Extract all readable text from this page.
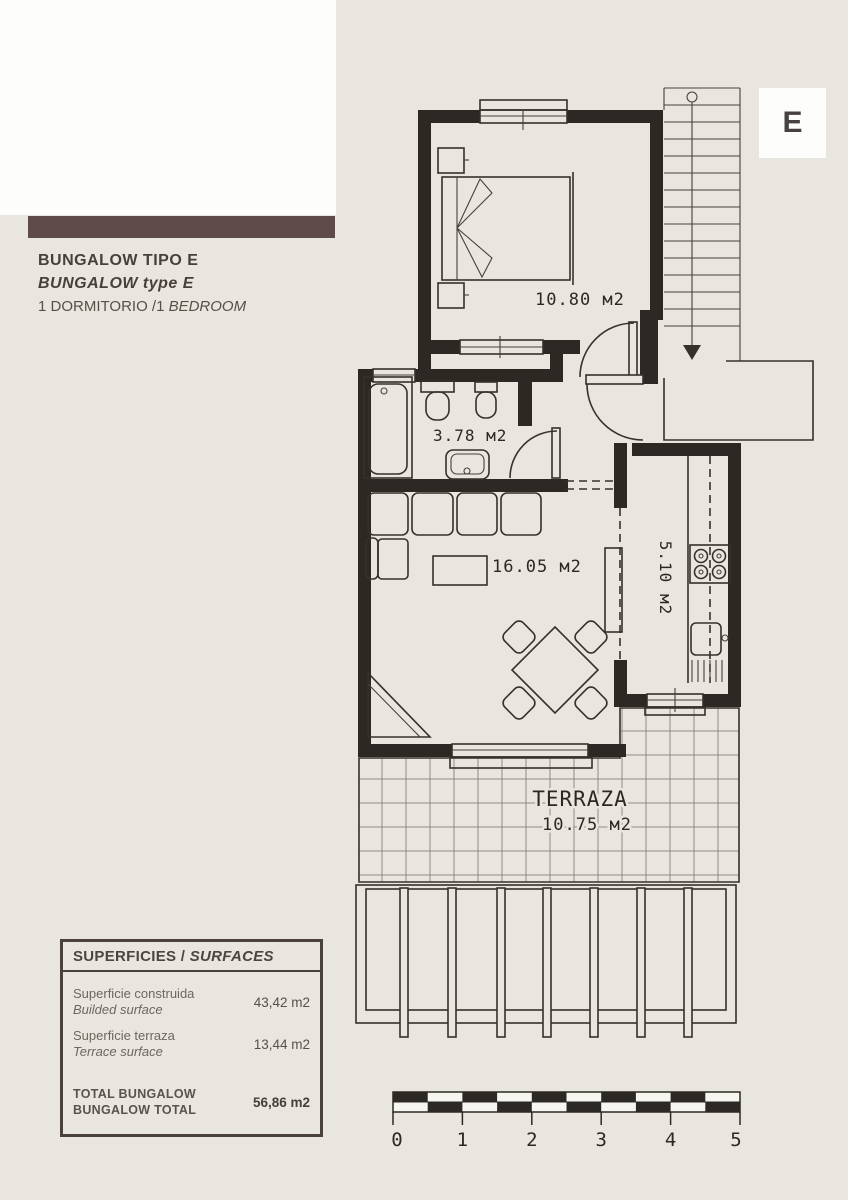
BUNGALOW TIPO E

BUNGALOW type E

1 DORMITORIO /1 BEDROOM

E
10.80 м2
3.78 м2
16.05 м2	5.10 м2
TERRAZA
10.75 м2
0	1	2	3	4	5
SUPERFICIES / SURFACES
Superficie construida
Builded surface	43,42 m2
Superficie terraza
Terrace surface	13,44 m2
TOTAL BUNGALOW
BUNGALOW TOTAL
56,86 m2
